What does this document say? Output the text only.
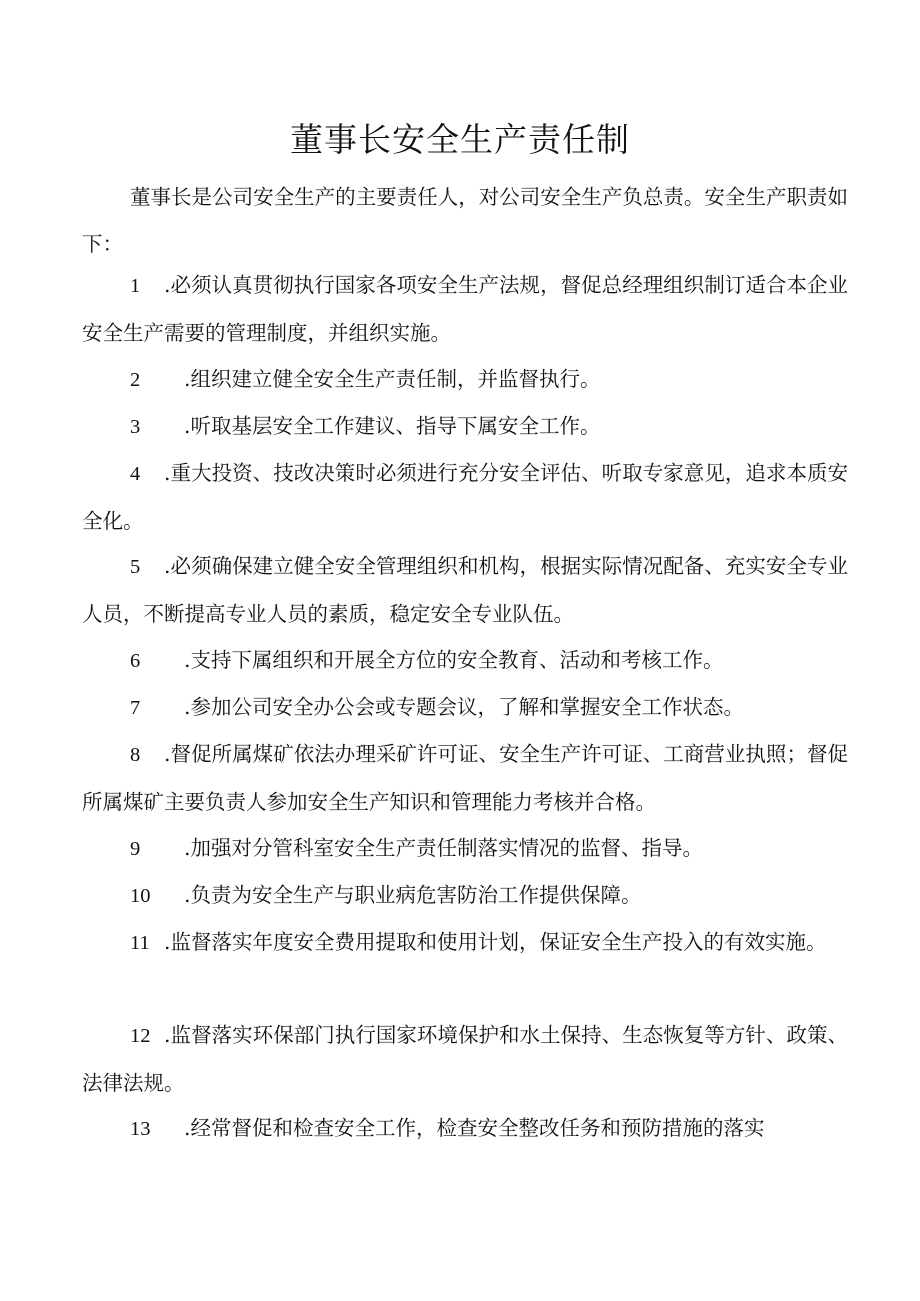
董事长安全生产责任制
董事长是公司安全生产的主要责任人，对公司安全生产负总责。安全生产职责如下：
1 .必须认真贯彻执行国家各项安全生产法规，督促总经理组织制订适合本企业安全生产需要的管理制度，并组织实施。
2 .组织建立健全安全生产责任制，并监督执行。
3 .听取基层安全工作建议、指导下属安全工作。
4 .重大投资、技改决策时必须进行充分安全评估、听取专家意见，追求本质安全化。
5 .必须确保建立健全安全管理组织和机构，根据实际情况配备、充实安全专业人员，不断提高专业人员的素质，稳定安全专业队伍。
6 .支持下属组织和开展全方位的安全教育、活动和考核工作。
7 .参加公司安全办公会或专题会议，了解和掌握安全工作状态。
8 .督促所属煤矿依法办理采矿许可证、安全生产许可证、工商营业执照；督促所属煤矿主要负责人参加安全生产知识和管理能力考核并合格。
9 .加强对分管科室安全生产责任制落实情况的监督、指导。
10 .负责为安全生产与职业病危害防治工作提供保障。
11 .监督落实年度安全费用提取和使用计划，保证安全生产投入的有效实施。
12 .监督落实环保部门执行国家环境保护和水土保持、生态恢复等方针、政策、法律法规。
13 .经常督促和检查安全工作，检查安全整改任务和预防措施的落实
